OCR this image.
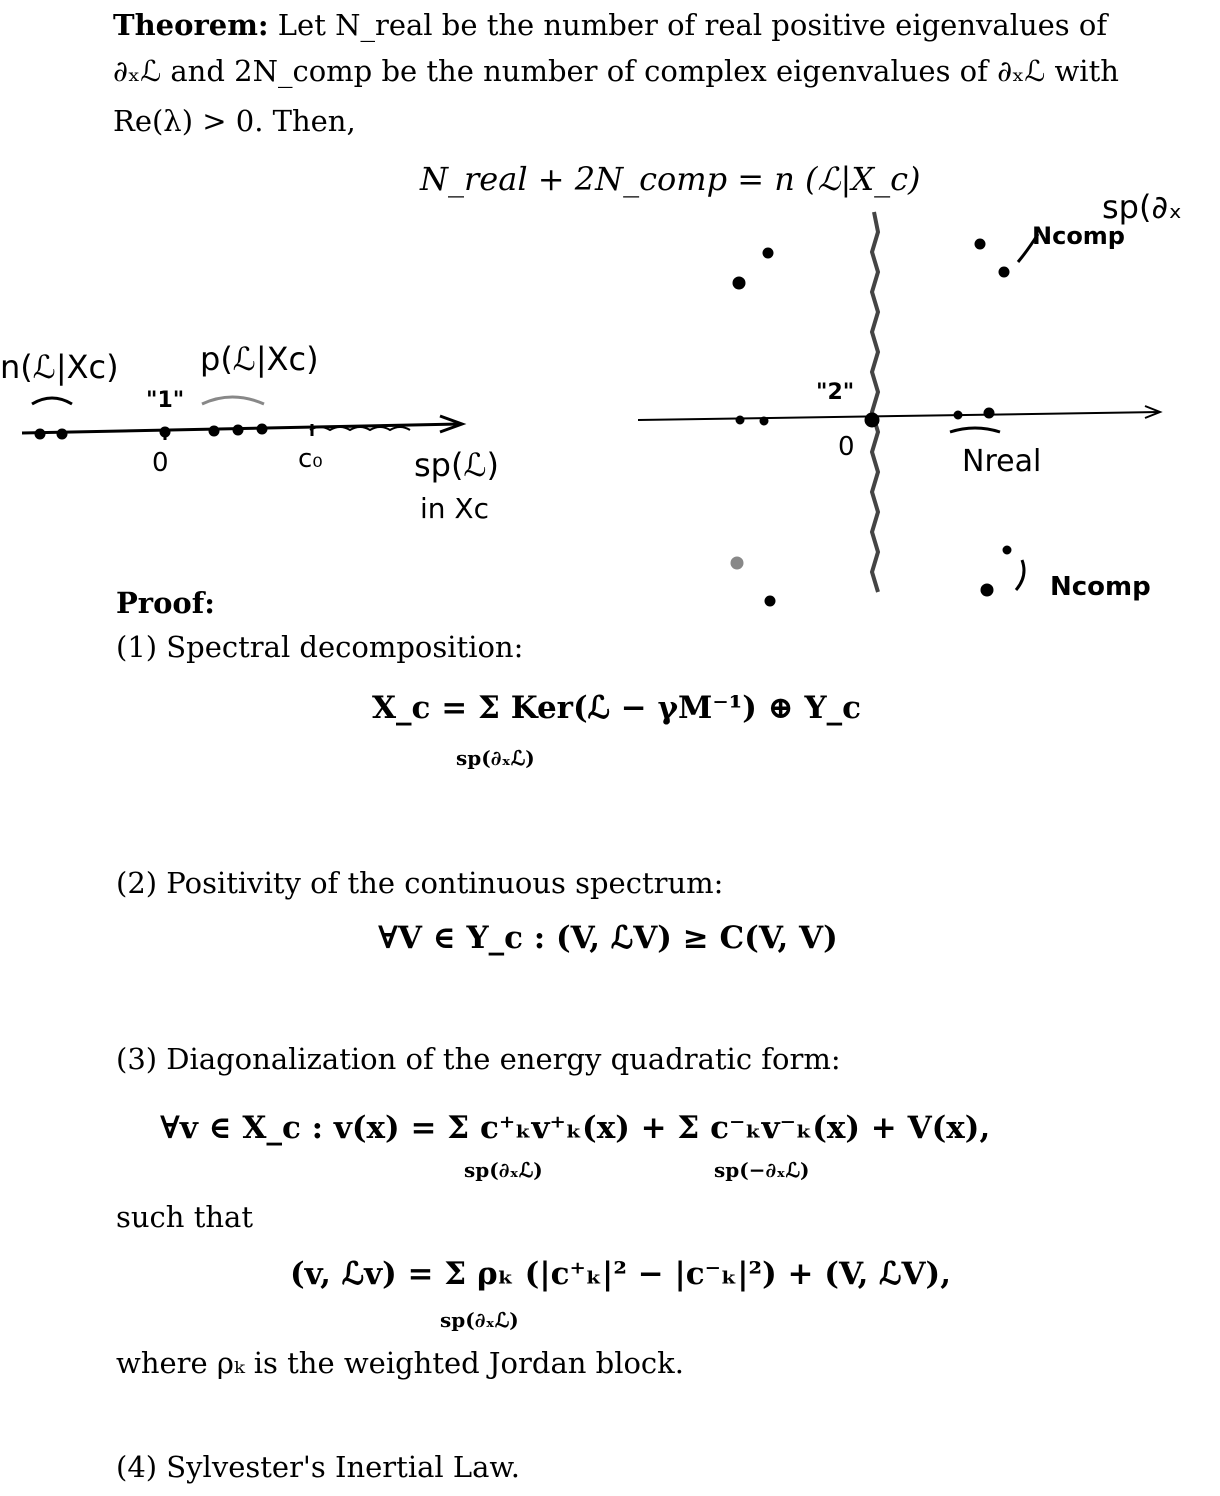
Theorem: Let N_real be the number of real positive eigenvalues of
∂ₓℒ and 2N_comp be the number of complex eigenvalues of ∂ₓℒ with
Re(λ) > 0. Then,
N_real + 2N_comp = n (ℒ|X_c)
n(ℒ|Xc)	p(ℒ|Xc)
"1"
0	c₀	sp(ℒ)
in Xc
sp(∂ₓ
Ncomp
Ncomp
Nreal
"2"
0
Proof:
(1) Spectral decomposition:
X_c = Σ Ker(ℒ − γM⁻¹) ⊕ Y_c
sp(∂ₓℒ)
(2) Positivity of the continuous spectrum:
∀V ∈ Y_c : (V, ℒV) ≥ C(V, V)
(3) Diagonalization of the energy quadratic form:
∀v ∈ X_c : v(x) = Σ c⁺ₖv⁺ₖ(x) + Σ c⁻ₖv⁻ₖ(x) + V(x),
sp(∂ₓℒ)	sp(−∂ₓℒ)
such that
(v, ℒv) = Σ ρₖ (|c⁺ₖ|² − |c⁻ₖ|²) + (V, ℒV),
sp(∂ₓℒ)
where ρₖ is the weighted Jordan block.
(4) Sylvester's Inertial Law.
